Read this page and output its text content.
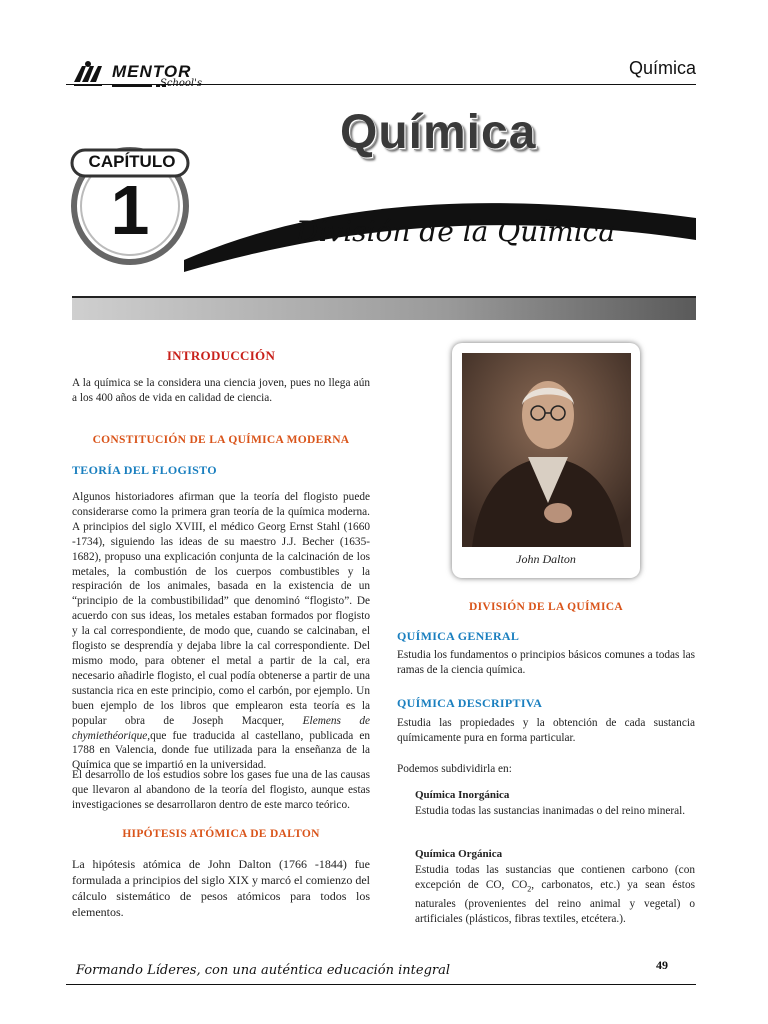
MENTOR
School's
Química
CAPÍTULO
1
Química
División de la Química
INTRODUCCIÓN
A la química se la considera una ciencia joven, pues no llega aún a los 400 años de vida en calidad de ciencia.
CONSTITUCIÓN DE LA QUÍMICA MODERNA
TEORÍA DEL FLOGISTO
Algunos historiadores afirman que la teoría del flogisto puede considerarse como la primera gran teoría de la química moderna. A principios del siglo XVIII, el médico Georg Ernst Stahl (1660 -1734), siguiendo las ideas de su maestro J.J. Becher (1635-1682), propuso una explicación conjunta de la calcinación de los metales, la combustión de los cuerpos combustibles y la respiración de los animales, basada en la existencia de un “principio de la combustibilidad” que denominó “flogisto”. De acuerdo con sus ideas, los metales estaban formados por flogisto y la cal correspondiente, de modo que, cuando se calcinaban, el flogisto se desprendía y dejaba libre la cal correspondiente. Del mismo modo, para obtener el metal a partir de la cal, era necesario añadirle flogisto, el cual podía obtenerse a partir de una sustancia rica en este principio, como el carbón, por ejemplo. Un buen ejemplo de los libros que emplearon esta teoría es la popular obra de Joseph Macquer, Elemens de chymiethéorique,que fue traducida al castellano, publicada en 1788 en Valencia, donde fue utilizada para la enseñanza de la Química que se impartió en la universidad.
El desarrollo de los estudios sobre los gases fue una de las causas que llevaron al abandono de la teoría del flogisto, aunque estas investigaciones se desarrollaron dentro de este marco teórico.
HIPÓTESIS ATÓMICA DE DALTON
La hipótesis atómica de John Dalton (1766 -1844) fue formulada a principios del siglo XIX y marcó el comienzo del cálculo sistemático de pesos atómicos para todos los elementos.
John Dalton
DIVISIÓN DE LA QUÍMICA
QUÍMICA GENERAL
Estudia los fundamentos o principios básicos comunes a todas las ramas de la ciencia química.
QUÍMICA DESCRIPTIVA
Estudia las propiedades y la obtención de cada sustancia químicamente pura en forma particular.
Podemos subdividirla en:
Química Inorgánica
Estudia todas las sustancias inanimadas o del reino mineral.
Química Orgánica
Estudia todas las sustancias que contienen carbono (con excepción de CO, $CO_2$, carbonatos, etc.) ya sean éstos naturales (provenientes del reino animal y vegetal) o artificiales (plásticos, fibras textiles, etcétera.).
Formando Líderes, con una auténtica educación integral	49
